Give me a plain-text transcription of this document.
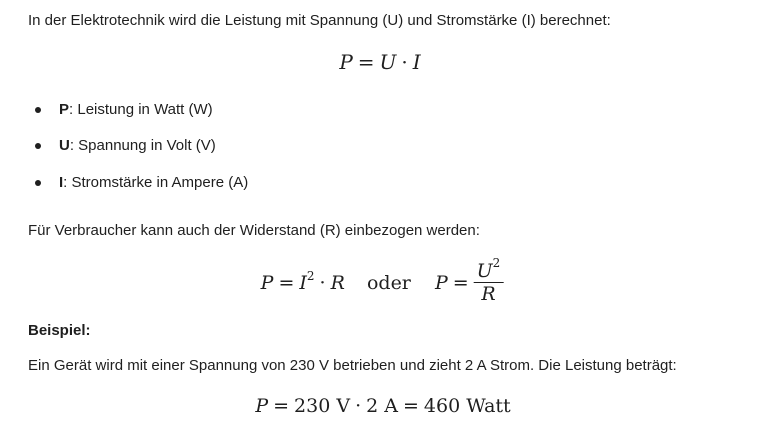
In der Elektrotechnik wird die Leistung mit Spannung (U) und Stromstärke (I) berechnet:
P = U · I
P: Leistung in Watt (W)
U: Spannung in Volt (V)
I: Stromstärke in Ampere (A)
Für Verbraucher kann auch der Widerstand (R) einbezogen werden:
$P = I^2 \cdot R$ oder $P = \frac{U^2}{R}$
Beispiel:
Ein Gerät wird mit einer Spannung von 230 V betrieben und zieht 2 A Strom. Die Leistung beträgt:
P = 230 V · 2 A = 460 Watt
